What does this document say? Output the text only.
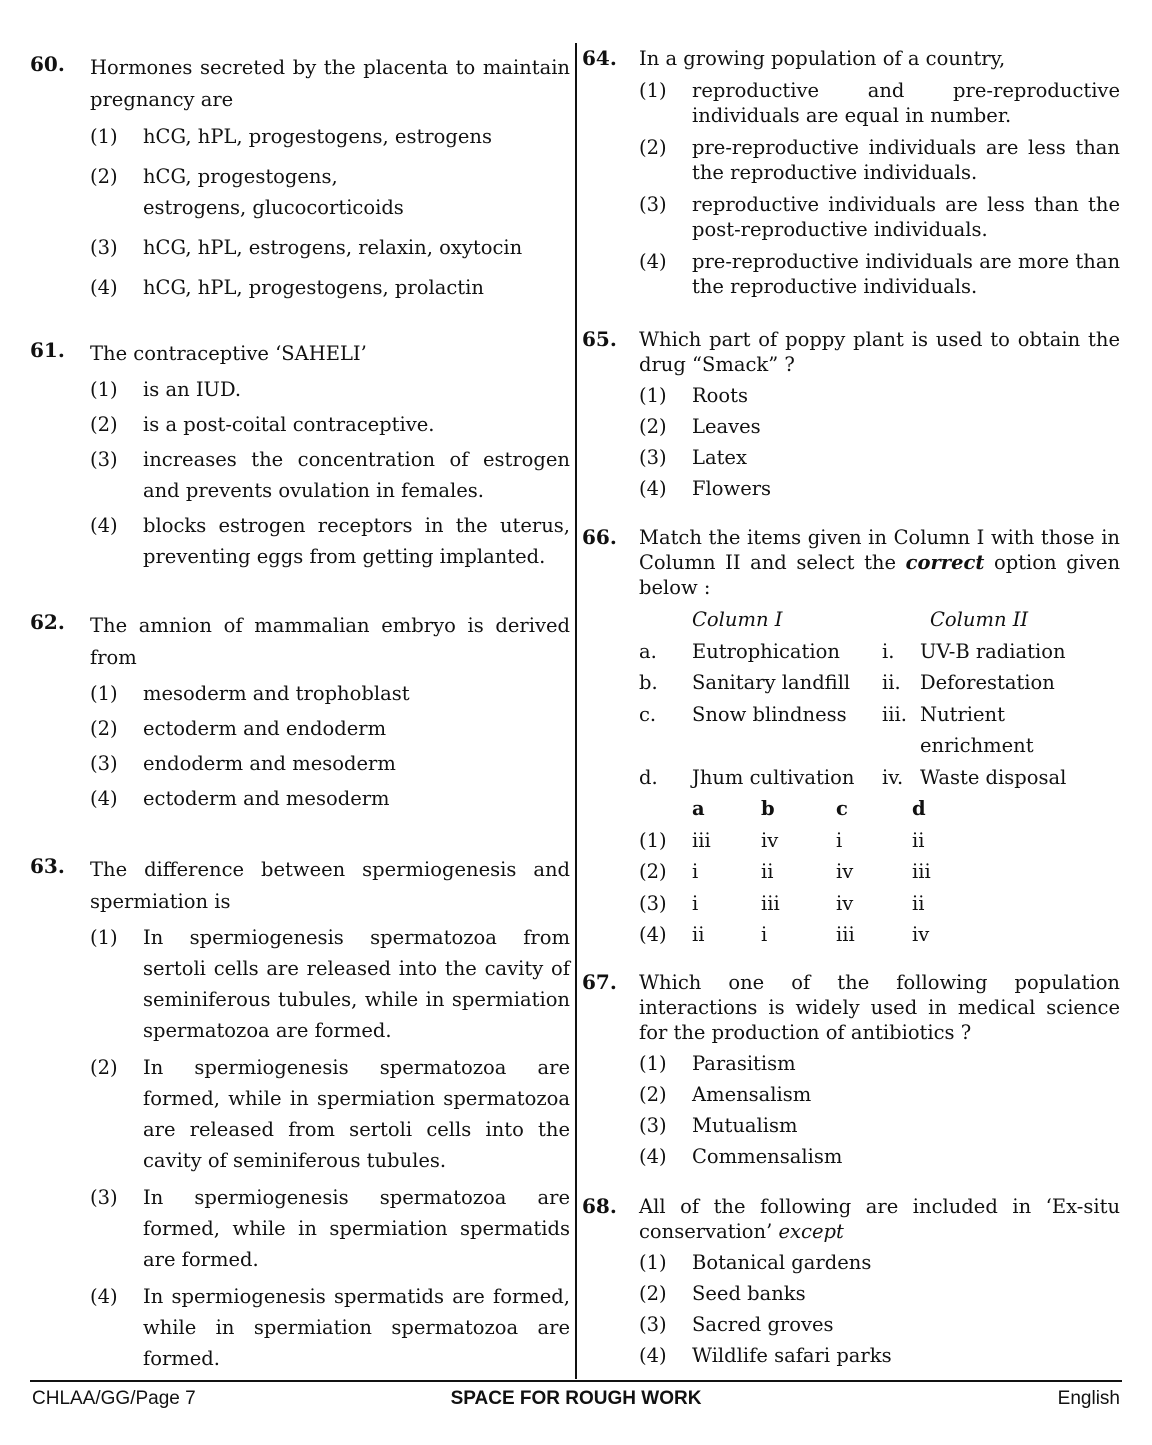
60. Hormones secreted by the placenta to maintain pregnancy are
(1)	hCG, hPL, progestogens, estrogens
(2)	hCG, progestogens, estrogens, glucocorticoids
(3)	hCG, hPL, estrogens, relaxin, oxytocin
(4)	hCG, hPL, progestogens, prolactin
61. The contraceptive ‘SAHELI’
(1)	is an IUD.
(2)	is a post-coital contraceptive.
(3)	increases the concentration of estrogen and prevents ovulation in females.
(4)	blocks estrogen receptors in the uterus, preventing eggs from getting implanted.
62. The amnion of mammalian embryo is derived from
(1)	mesoderm and trophoblast
(2)	ectoderm and endoderm
(3)	endoderm and mesoderm
(4)	ectoderm and mesoderm
63. The difference between spermiogenesis and spermiation is
(1)	In spermiogenesis spermatozoa from sertoli cells are released into the cavity of seminiferous tubules, while in spermiation spermatozoa are formed.
(2)	In spermiogenesis spermatozoa are formed, while in spermiation spermatozoa are released from sertoli cells into the cavity of seminiferous tubules.
(3)	In spermiogenesis spermatozoa are formed, while in spermiation spermatids are formed.
(4)	In spermiogenesis spermatids are formed, while in spermiation spermatozoa are formed.
64. In a growing population of a country,
(1)	reproductive and pre-reproductive individuals are equal in number.
(2)	pre-reproductive individuals are less than the reproductive individuals.
(3)	reproductive individuals are less than the post-reproductive individuals.
(4)	pre-reproductive individuals are more than the reproductive individuals.
65. Which part of poppy plant is used to obtain the drug “Smack” ?
(1)	Roots
(2)	Leaves
(3)	Latex
(4)	Flowers
66. Match the items given in Column I with those in Column II and select the correct option given below :
Column I	Column II
a.	Eutrophication	i.	UV-B radiation
b.	Sanitary landfill	ii. Deforestation
c.	Snow blindness	iii. Nutrient enrichment
d.	Jhum cultivation	iv. Waste disposal
a	b	c	d
(1)	iii	iv	i	ii
(2)	i	ii	iv	iii
(3)	i	iii	iv	ii
(4)	ii	i	iii	iv
67. Which one of the following population interactions is widely used in medical science for the production of antibiotics ?
(1)	Parasitism
(2)	Amensalism
(3)	Mutualism
(4)	Commensalism
68. All of the following are included in ‘Ex-situ conservation’ except
(1)	Botanical gardens
(2)	Seed banks
(3)	Sacred groves
(4)	Wildlife safari parks
SPACE FOR ROUGH WORK
CHLAA/GG/Page 7	English
